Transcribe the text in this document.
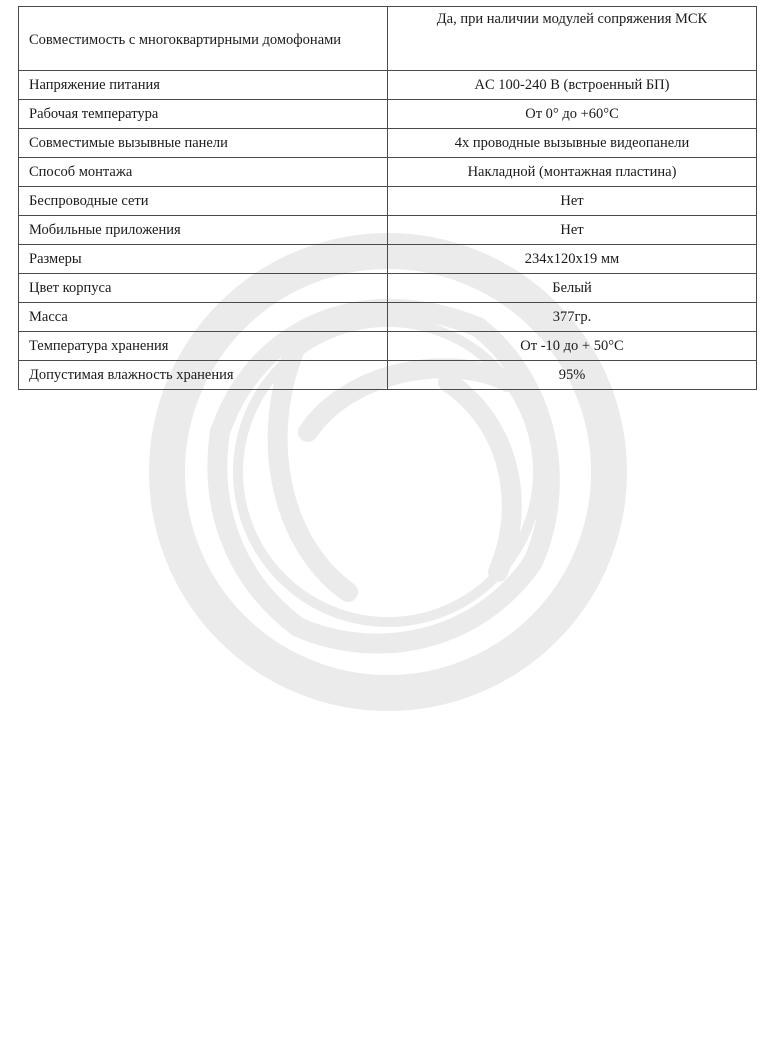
Совместимость с многоквартирными домофонами	Да, при наличии модулей сопряжения МСК
Напряжение питания	AC 100-240 В (встроенный БП)
Рабочая температура	От 0° до +60°С
Совместимые вызывные панели	4х проводные вызывные видеопанели
Способ монтажа	Накладной (монтажная пластина)
Беспроводные сети	Нет
Мобильные приложения	Нет
Размеры	234х120х19 мм
Цвет корпуса	Белый
Масса	377гр.
Температура хранения	От -10 до + 50°С
Допустимая влажность хранения	95%
